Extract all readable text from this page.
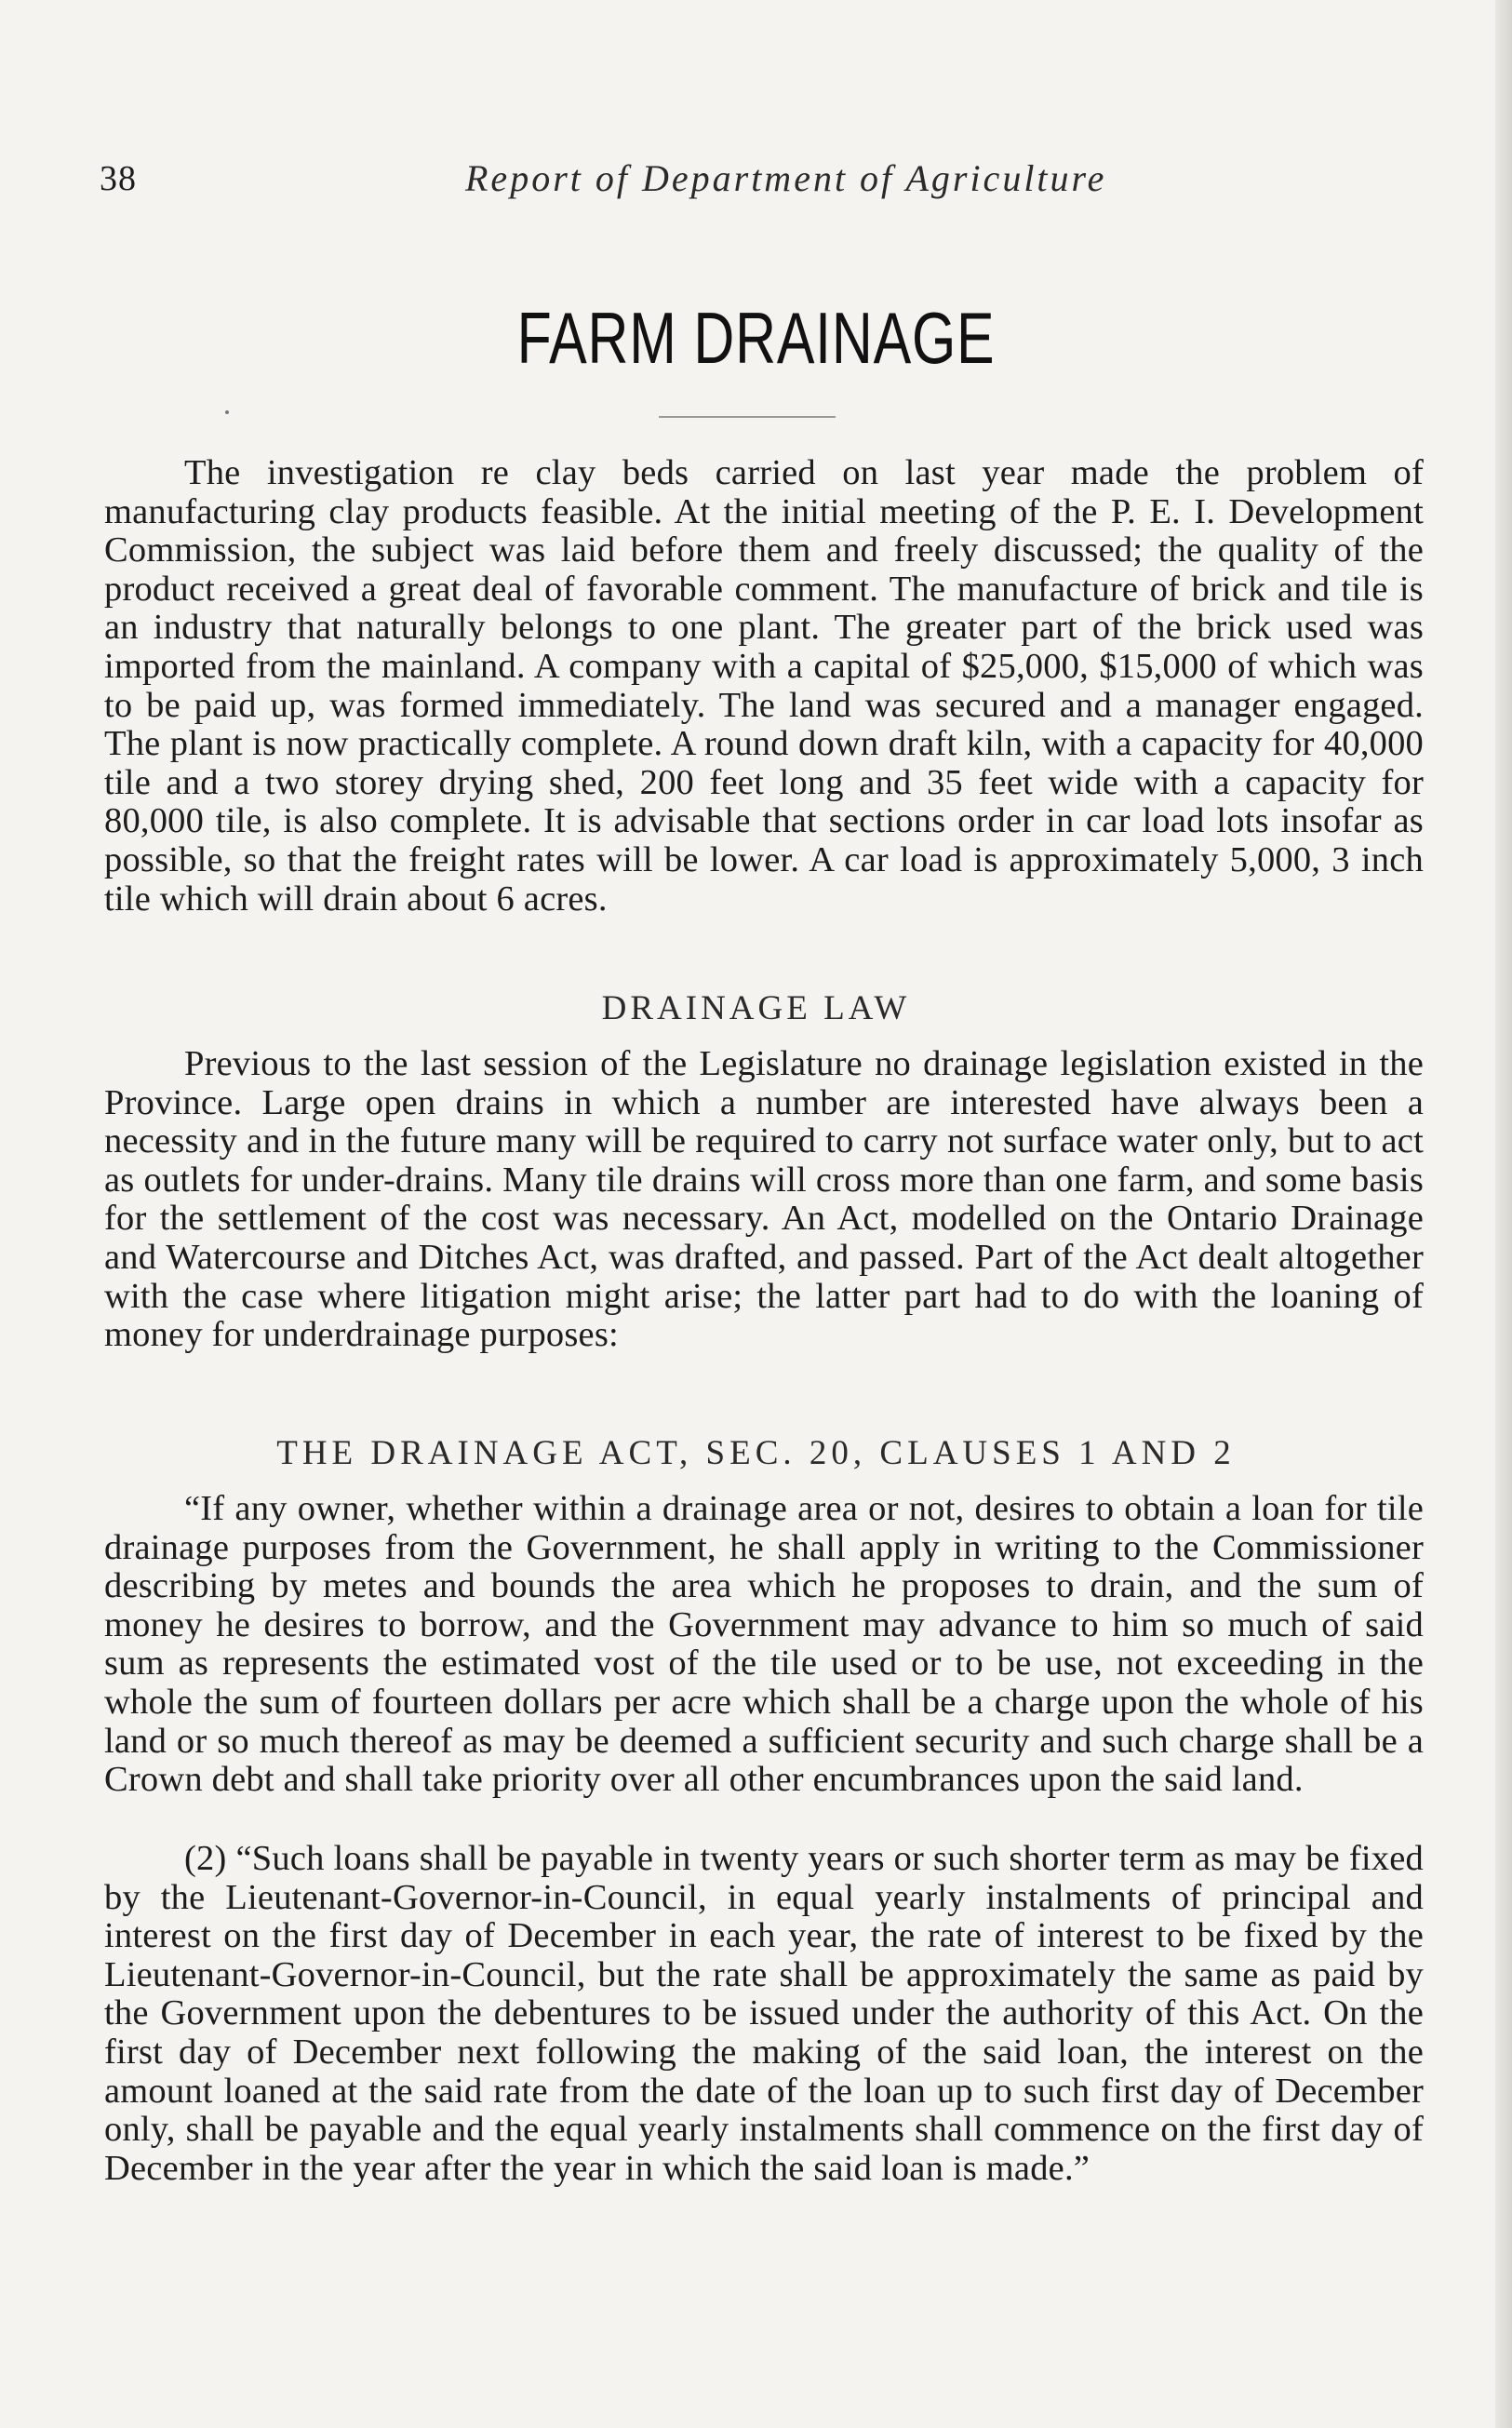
38	Report of Department of Agriculture
FARM DRAINAGE

The investigation re clay beds carried on last year made the problem of manufacturing clay products feasible. At the initial meeting of the P. E. I. Development Commission, the subject was laid before them and freely discussed; the quality of the product received a great deal of favorable comment. The manufacture of brick and tile is an industry that naturally belongs to one plant. The greater part of the brick used was imported from the mainland. A company with a capital of $25,000, $15,000 of which was to be paid up, was formed immediately. The land was secured and a manager engaged. The plant is now practically complete. A round down draft kiln, with a capacity for 40,000 tile and a two storey drying shed, 200 feet long and 35 feet wide with a capacity for 80,000 tile, is also complete. It is advisable that sections order in car load lots insofar as possible, so that the freight rates will be lower. A car load is approximately 5,000, 3 inch tile which will drain about 6 acres.

DRAINAGE LAW

Previous to the last session of the Legislature no drainage legislation existed in the Province. Large open drains in which a number are interested have always been a necessity and in the future many will be required to carry not surface water only, but to act as outlets for under-drains. Many tile drains will cross more than one farm, and some basis for the settlement of the cost was necessary. An Act, modelled on the Ontario Drainage and Watercourse and Ditches Act, was drafted, and passed. Part of the Act dealt altogether with the case where litigation might arise; the latter part had to do with the loaning of money for underdrainage purposes:

THE DRAINAGE ACT, SEC. 20, CLAUSES 1 AND 2

“If any owner, whether within a drainage area or not, desires to obtain a loan for tile drainage purposes from the Government, he shall apply in writing to the Commissioner describing by metes and bounds the area which he proposes to drain, and the sum of money he desires to borrow, and the Government may advance to him so much of said sum as represents the estimated vost of the tile used or to be use, not exceeding in the whole the sum of fourteen dollars per acre which shall be a charge upon the whole of his land or so much thereof as may be deemed a sufficient security and such charge shall be a Crown debt and shall take priority over all other encumbrances upon the said land.

(2) “Such loans shall be payable in twenty years or such shorter term as may be fixed by the Lieutenant-Governor-in-Council, in equal yearly instalments of principal and interest on the first day of December in each year, the rate of interest to be fixed by the Lieutenant-Governor-in-Council, but the rate shall be approximately the same as paid by the Government upon the debentures to be issued under the authority of this Act. On the first day of December next following the making of the said loan, the interest on the amount loaned at the said rate from the date of the loan up to such first day of December only, shall be payable and the equal yearly instalments shall commence on the first day of December in the year after the year in which the said loan is made.”
